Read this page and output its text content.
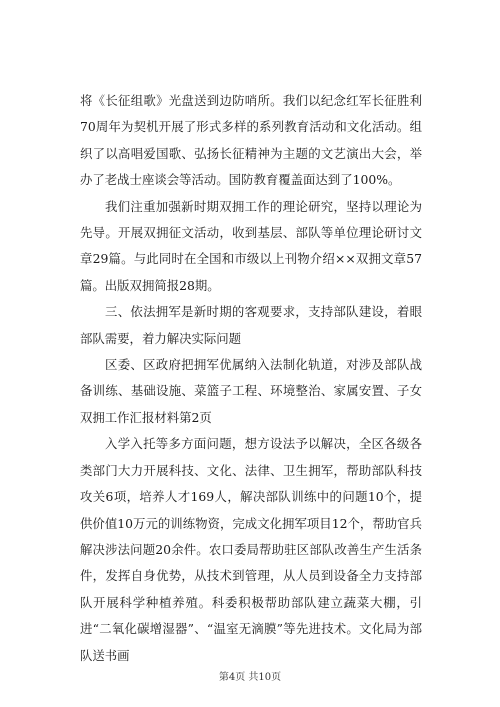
将《长征组歌》光盘送到边防哨所。我们以纪念红军长征胜利70周年为契机开展了形式多样的系列教育活动和文化活动。组织了以高唱爱国歌、弘扬长征精神为主题的文艺演出大会，举办了老战士座谈会等活动。国防教育覆盖面达到了100%。

我们注重加强新时期双拥工作的理论研究，坚持以理论为先导。开展双拥征文活动，收到基层、部队等单位理论研讨文章29篇。与此同时在全国和市级以上刊物介绍××双拥文章57篇。出版双拥简报28期。

三、依法拥军是新时期的客观要求，支持部队建设，着眼部队需要，着力解决实际问题

区委、区政府把拥军优属纳入法制化轨道，对涉及部队战备训练、基础设施、菜篮子工程、环境整治、家属安置、子女双拥工作汇报材料第2页

入学入托等多方面问题，想方设法予以解决，全区各级各类部门大力开展科技、文化、法律、卫生拥军，帮助部队科技攻关6项，培养人才169人，解决部队训练中的问题10个，提供价值10万元的训练物资，完成文化拥军项目12个，帮助官兵解决涉法问题20余件。农口委局帮助驻区部队改善生产生活条件，发挥自身优势，从技术到管理，从人员到设备全力支持部队开展科学种植养殖。科委积极帮助部队建立蔬菜大棚，引进“二氧化碳增湿器”、“温室无滴膜”等先进技术。文化局为部队送书画

第4页 共10页
